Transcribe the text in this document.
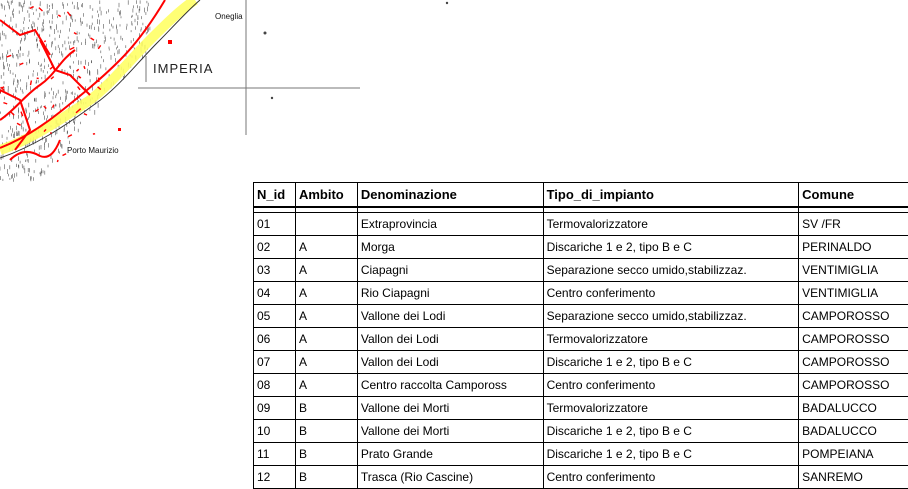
Oneglia
IMPERIA
Porto Maurizio
N_id	Ambito	Denominazione	Tipo_di_impianto	Comune

01		Extraprovincia	Termovalorizzatore	SV /FR
02	A	Morga	Discariche 1 e 2, tipo B e C	PERINALDO
03	A	Ciapagni	Separazione secco umido,stabilizzaz.	VENTIMIGLIA
04	A	Rio Ciapagni	Centro conferimento	VENTIMIGLIA
05	A	Vallone dei Lodi	Separazione secco umido,stabilizzaz.	CAMPOROSSO
06	A	Vallon dei Lodi	Termovalorizzatore	CAMPOROSSO
07	A	Vallon dei Lodi	Discariche 1 e 2, tipo B e C	CAMPOROSSO
08	A	Centro raccolta Campoross	Centro conferimento	CAMPOROSSO
09	B	Vallone dei Morti	Termovalorizzatore	BADALUCCO
10	B	Vallone dei Morti	Discariche 1 e 2, tipo B e C	BADALUCCO
11	B	Prato Grande	Discariche 1 e 2, tipo B e C	POMPEIANA
12	B	Trasca (Rio Cascine)	Centro conferimento	SANREMO
